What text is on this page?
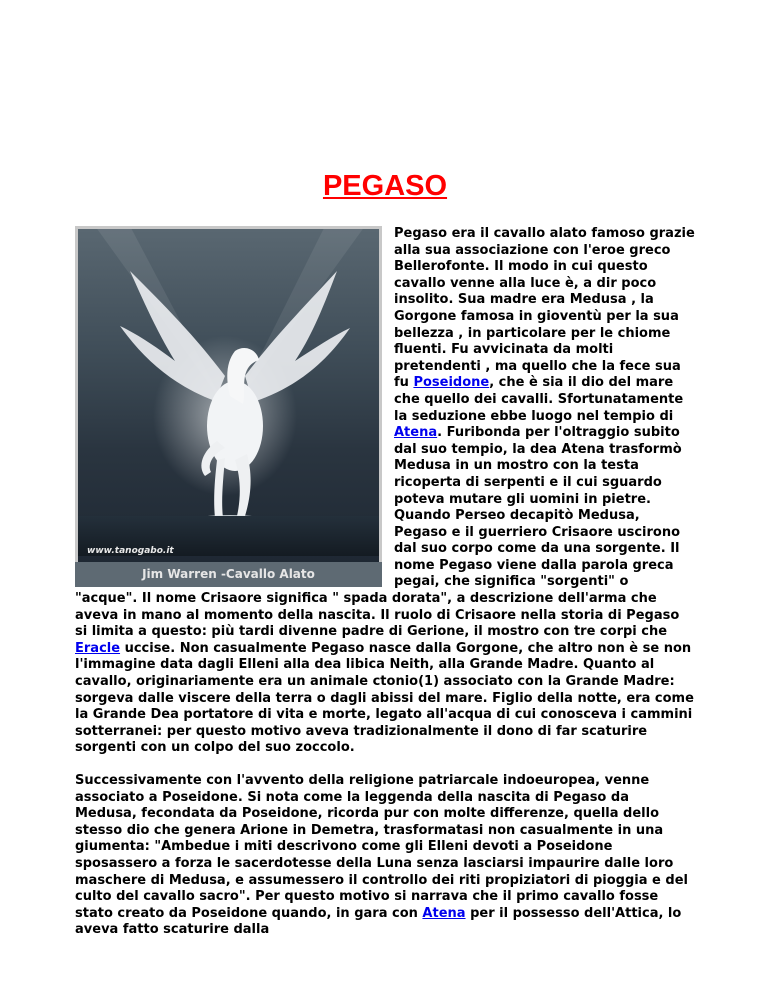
PEGASO
www.tanogabo.it
Jim Warren -Cavallo Alato

Pegaso era il cavallo alato famoso grazie alla sua associazione con l'eroe greco Bellerofonte. Il modo in cui questo cavallo venne alla luce è, a dir poco insolito. Sua madre era Medusa , la Gorgone famosa in gioventù per la sua bellezza , in particolare per le chiome fluenti. Fu avvicinata da molti pretendenti , ma quello che la fece sua fu Poseidone, che è sia il dio del mare che quello dei cavalli. Sfortunatamente la seduzione ebbe luogo nel tempio di Atena. Furibonda per l'oltraggio subito dal suo tempio, la dea Atena trasformò Medusa in un mostro con la testa ricoperta di serpenti e il cui sguardo poteva mutare gli uomini in pietre. Quando Perseo decapitò Medusa, Pegaso e il guerriero Crisaore uscirono dal suo corpo come da una sorgente. Il nome Pegaso viene dalla parola greca pegai, che significa "sorgenti" o "acque". Il nome Crisaore significa " spada dorata", a descrizione dell'arma che aveva in mano al momento della nascita. Il ruolo di Crisaore nella storia di Pegaso si limita a questo: più tardi divenne padre di Gerione, il mostro con tre corpi che Eracle uccise. Non casualmente Pegaso nasce dalla Gorgone, che altro non è se non l'immagine data dagli Elleni alla dea libica Neith, alla Grande Madre. Quanto al cavallo, originariamente era un animale ctonio(1) associato con la Grande Madre: sorgeva dalle viscere della terra o dagli abissi del mare. Figlio della notte, era come la Grande Dea portatore di vita e morte, legato all'acqua di cui conosceva i cammini sotterranei: per questo motivo aveva tradizionalmente il dono di far scaturire sorgenti con un colpo del suo zoccolo.

Successivamente con l'avvento della religione patriarcale indoeuropea, venne associato a Poseidone. Si nota come la leggenda della nascita di Pegaso da Medusa, fecondata da Poseidone, ricorda pur con molte differenze, quella dello stesso dio che genera Arione in Demetra, trasformatasi non casualmente in una giumenta: "Ambedue i miti descrivono come gli Elleni devoti a Poseidone sposassero a forza le sacerdotesse della Luna senza lasciarsi impaurire dalle loro maschere di Medusa, e assumessero il controllo dei riti propiziatori di pioggia e del culto del cavallo sacro". Per questo motivo si narrava che il primo cavallo fosse stato creato da Poseidone quando, in gara con Atena per il possesso dell'Attica, lo aveva fatto scaturire dalla
